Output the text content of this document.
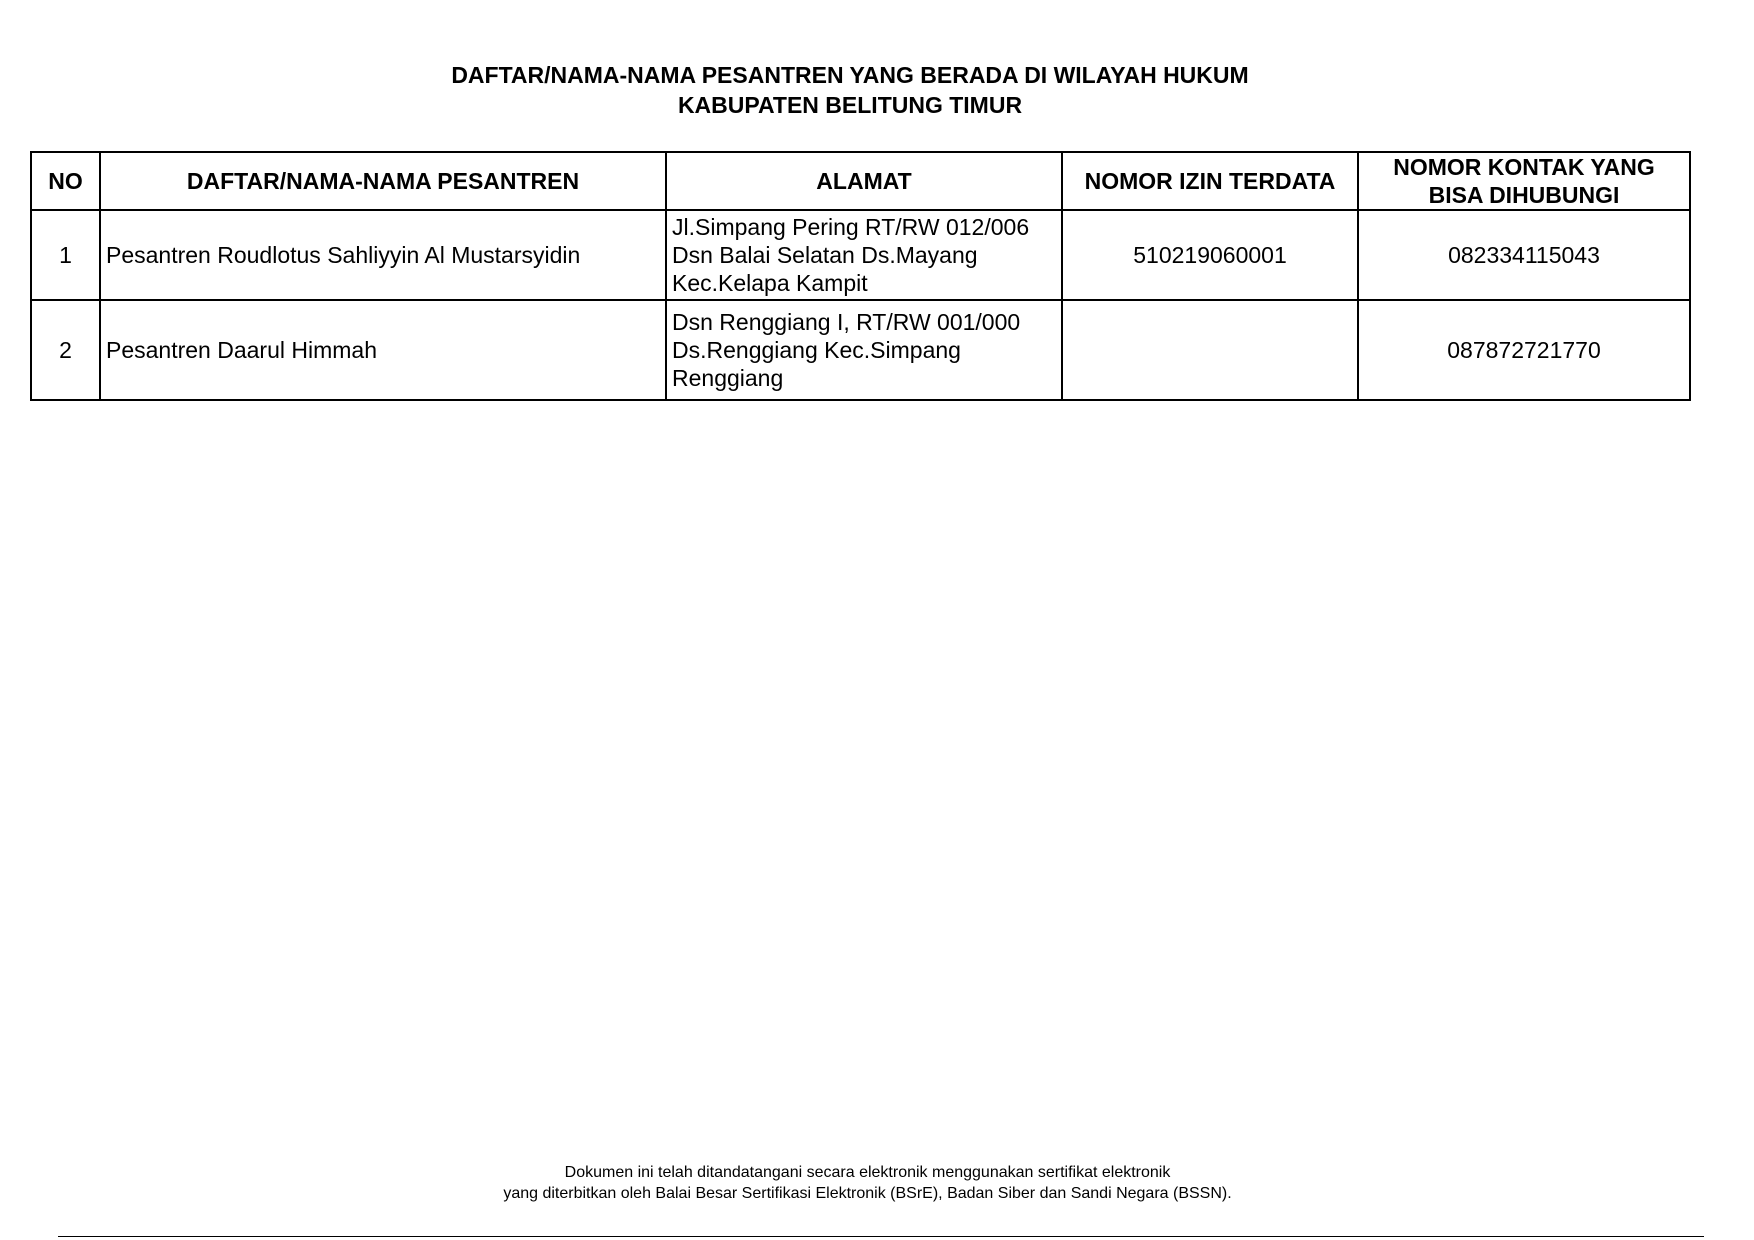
DAFTAR/NAMA-NAMA PESANTREN YANG BERADA DI WILAYAH HUKUM
KABUPATEN BELITUNG TIMUR
NO	DAFTAR/NAMA-NAMA PESANTREN	ALAMAT	NOMOR IZIN TERDATA	NOMOR KONTAK YANG BISA DIHUBUNGI
1	Pesantren Roudlotus Sahliyyin Al Mustarsyidin	Jl.Simpang Pering RT/RW 012/006 Dsn Balai Selatan Ds.Mayang Kec.Kelapa Kampit	510219060001	082334115043
2	Pesantren Daarul Himmah	Dsn Renggiang I, RT/RW 001/000 Ds.Renggiang Kec.Simpang Renggiang		087872721770
Dokumen ini telah ditandatangani secara elektronik menggunakan sertifikat elektronik
yang diterbitkan oleh Balai Besar Sertifikasi Elektronik (BSrE), Badan Siber dan Sandi Negara (BSSN).
